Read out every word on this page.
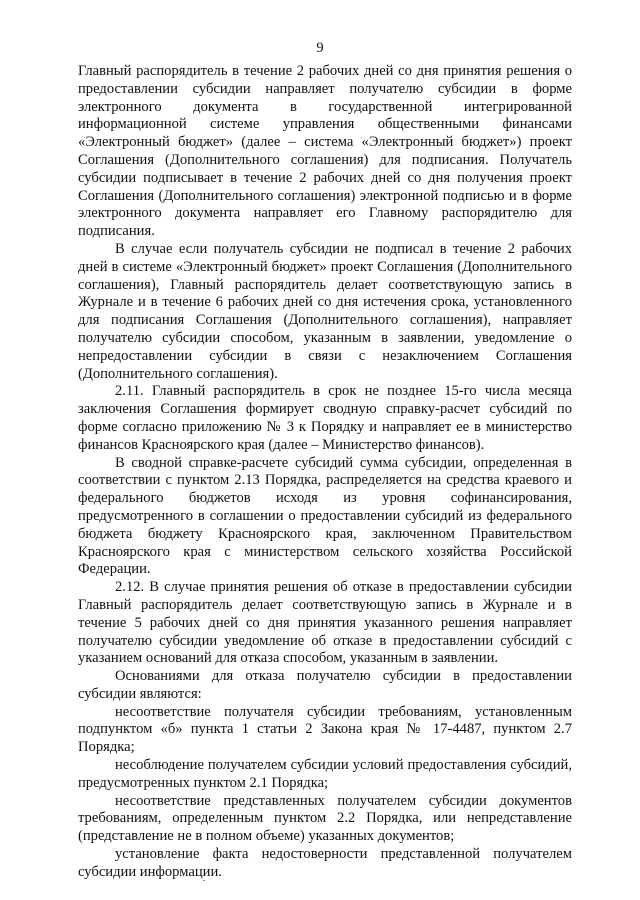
9

Главный распорядитель в течение 2 рабочих дней со дня принятия решения о предоставлении субсидии направляет получателю субсидии в форме электронного документа в государственной интегрированной информационной системе управления общественными финансами «Электронный бюджет» (далее – система «Электронный бюджет») проект Соглашения (Дополнительного соглашения) для подписания. Получатель субсидии подписывает в течение 2 рабочих дней со дня получения проект Соглашения (Дополнительного соглашения) электронной подписью и в форме электронного документа направляет его Главному распорядителю для подписания.

В случае если получатель субсидии не подписал в течение 2 рабочих дней в системе «Электронный бюджет» проект Соглашения (Дополнительного соглашения), Главный распорядитель делает соответствующую запись в Журнале и в течение 6 рабочих дней со дня истечения срока, установленного для подписания Соглашения (Дополнительного соглашения), направляет получателю субсидии способом, указанным в заявлении, уведомление о непредоставлении субсидии в связи с незаключением Соглашения (Дополнительного соглашения).

2.11. Главный распорядитель в срок не позднее 15-го числа месяца заключения Соглашения формирует сводную справку-расчет субсидий по форме согласно приложению № 3 к Порядку и направляет ее в министерство финансов Красноярского края (далее – Министерство финансов).

В сводной справке-расчете субсидий сумма субсидии, определенная в соответствии с пунктом 2.13 Порядка, распределяется на средства краевого и федерального бюджетов исходя из уровня софинансирования, предусмотренного в соглашении о предоставлении субсидий из федерального бюджета бюджету Красноярского края, заключенном Правительством Красноярского края с министерством сельского хозяйства Российской Федерации.

2.12. В случае принятия решения об отказе в предоставлении субсидии Главный распорядитель делает соответствующую запись в Журнале и в течение 5 рабочих дней со дня принятия указанного решения направляет получателю субсидии уведомление об отказе в предоставлении субсидий с указанием оснований для отказа способом, указанным в заявлении.

Основаниями для отказа получателю субсидии в предоставлении субсидии являются:

несоответствие получателя субсидии требованиям, установленным подпунктом «б» пункта 1 статьи 2 Закона края № 17-4487, пунктом 2.7 Порядка;

несоблюдение получателем субсидии условий предоставления субсидий, предусмотренных пунктом 2.1 Порядка;

несоответствие представленных получателем субсидии документов требованиям, определенным пунктом 2.2 Порядка, или непредставление (представление не в полном объеме) указанных документов;

установление факта недостоверности представленной получателем субсидии информации.
